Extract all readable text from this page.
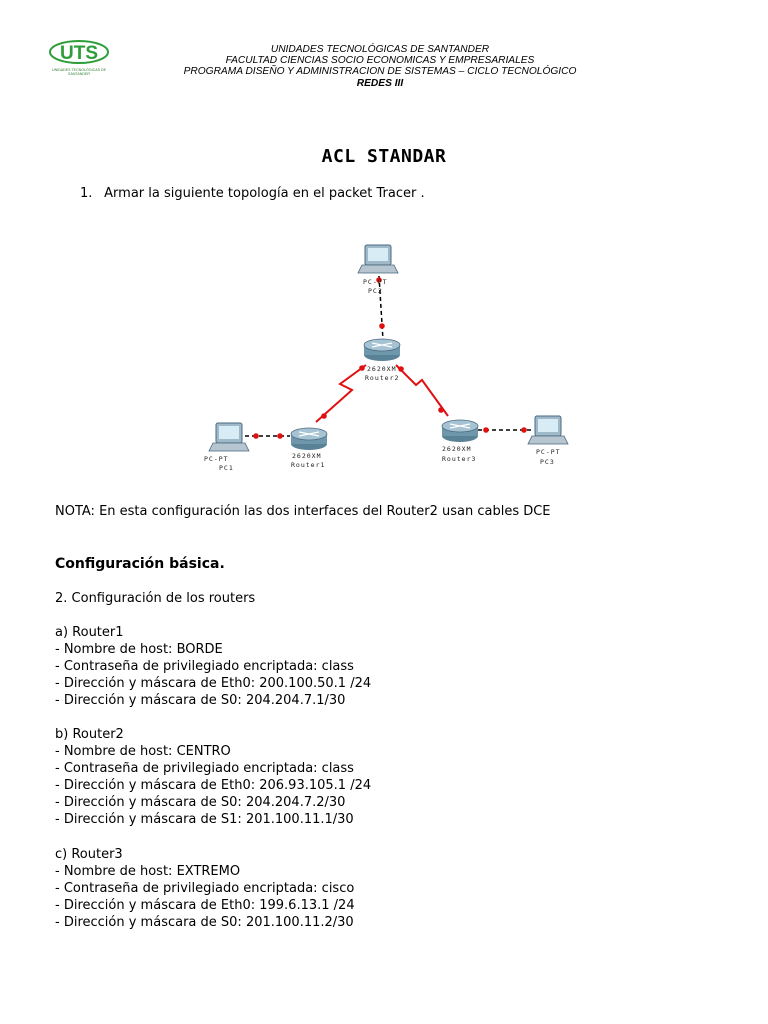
UTS
UNIDADES TECNOLÓGICAS DE SANTANDER
UNIDADES TECNOLÓGICAS DE SANTANDER
FACULTAD CIENCIAS SOCIO ECONOMICAS Y EMPRESARIALES
PROGRAMA DISEÑO Y ADMINISTRACION DE SISTEMAS – CICLO TECNOLÓGICO
REDES III
ACL STANDAR
1. Armar la siguiente topología en el packet Tracer .
PC-PT
PC2
2620XM
Router2
PC-PT
PC1
2620XM
Router1
2620XM
Router3
PC-PT
PC3
NOTA: En esta configuración las dos interfaces del Router2 usan cables DCE
Configuración básica.
2. Configuración de los routers
a) Router1
- Nombre de host: BORDE
- Contraseña de privilegiado encriptada: class
- Dirección y máscara de Eth0: 200.100.50.1 /24
- Dirección y máscara de S0: 204.204.7.1/30
b) Router2
- Nombre de host: CENTRO
- Contraseña de privilegiado encriptada: class
- Dirección y máscara de Eth0: 206.93.105.1 /24
- Dirección y máscara de S0: 204.204.7.2/30
- Dirección y máscara de S1: 201.100.11.1/30
c) Router3
- Nombre de host: EXTREMO
- Contraseña de privilegiado encriptada: cisco
- Dirección y máscara de Eth0: 199.6.13.1 /24
- Dirección y máscara de S0: 201.100.11.2/30
